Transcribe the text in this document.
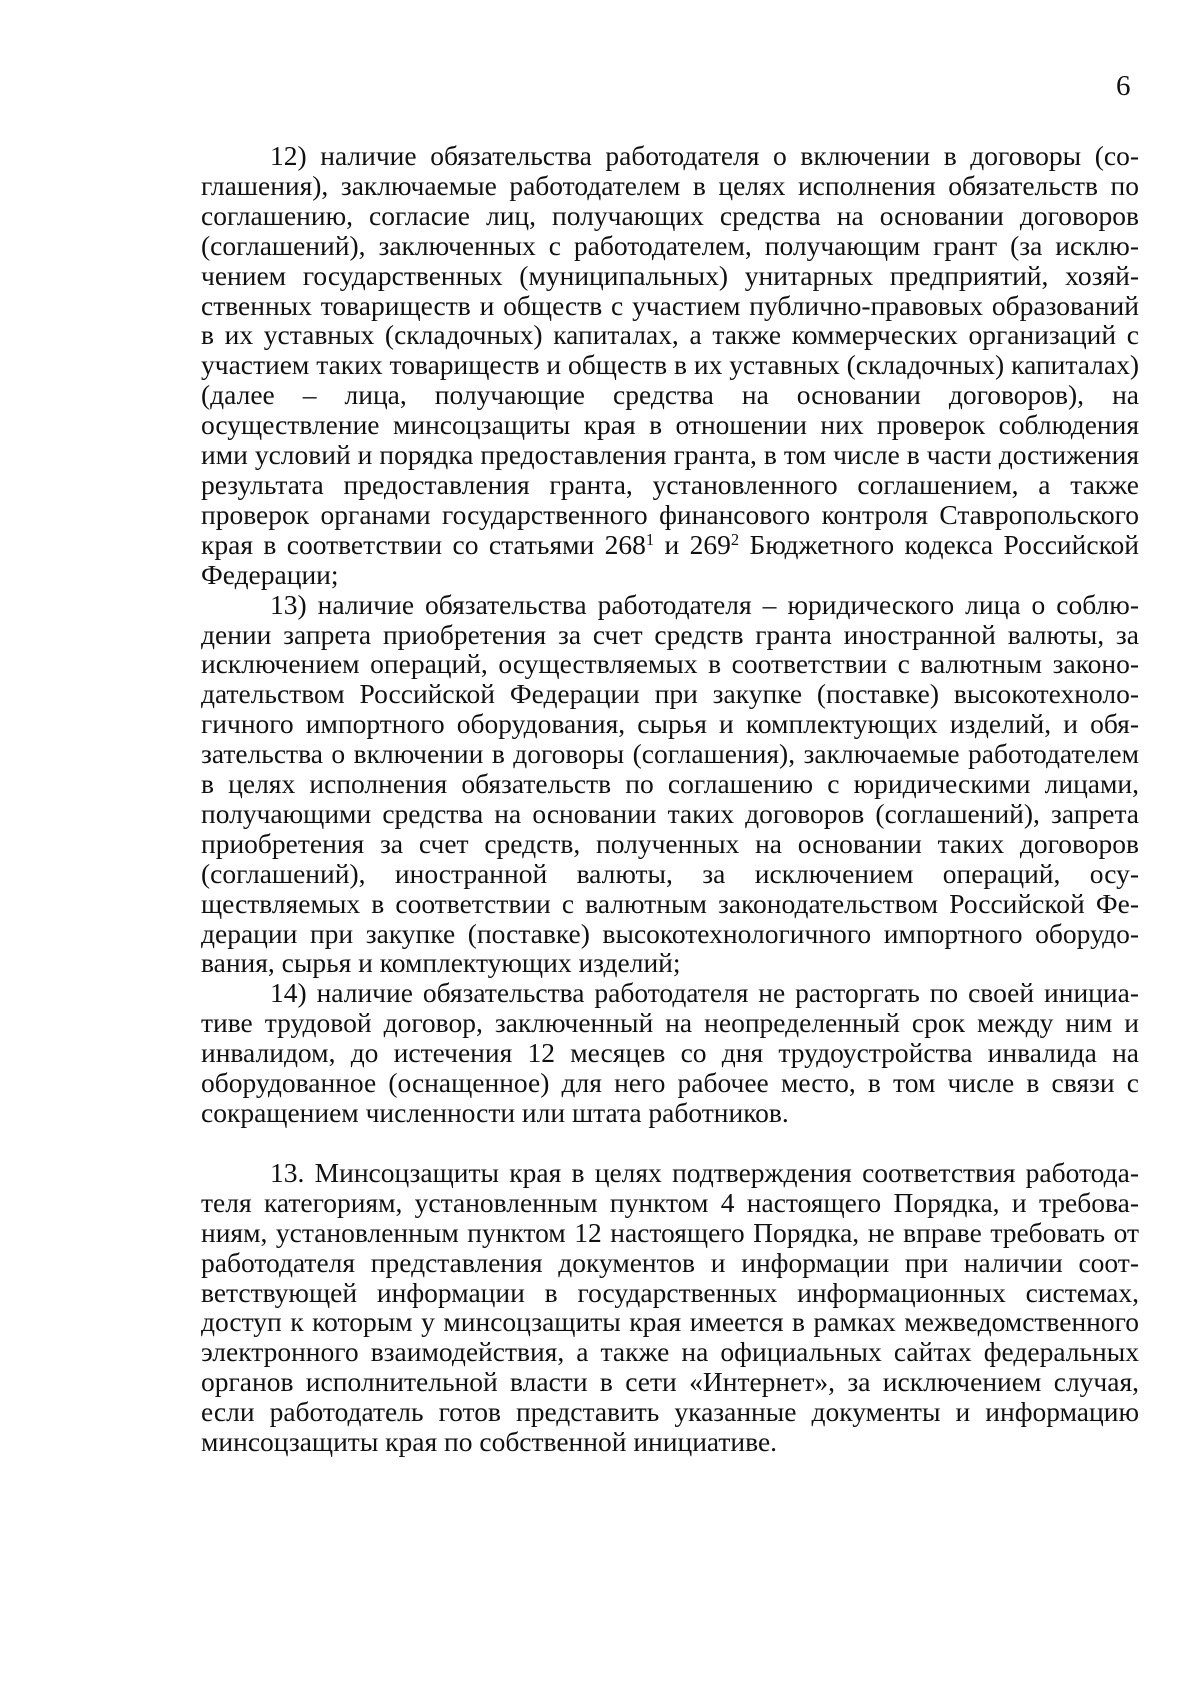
6

12) наличие обязательства работодателя о включении в договоры (соглашения), заключаемые работодателем в целях исполнения обязательств по соглашению, согласие лиц, получающих средства на основании договоров (соглашений), заключенных с работодателем, получающим грант (за исключением государственных (муниципальных) унитарных предприятий, хозяйственных товариществ и обществ с участием публично-правовых образований в их уставных (складочных) капиталах, а также коммерческих организаций с участием таких товариществ и обществ в их уставных (складочных) капиталах) (далее – лица, получающие средства на основании договоров), на осуществление минсоцзащиты края в отношении них проверок соблюдения ими условий и порядка предоставления гранта, в том числе в части достижения результата предоставления гранта, установленного соглашением, а также проверок органами государственного финансового контроля Ставропольского края в соответствии со статьями $268^1$ и $269^2$ Бюджетного кодекса Российской Федерации;

13) наличие обязательства работодателя – юридического лица о соблюдении запрета приобретения за счет средств гранта иностранной валюты, за исключением операций, осуществляемых в соответствии с валютным законодательством Российской Федерации при закупке (поставке) высокотехнологичного импортного оборудования, сырья и комплектующих изделий, и обязательства о включении в договоры (соглашения), заключаемые работодателем в целях исполнения обязательств по соглашению с юридическими лицами, получающими средства на основании таких договоров (соглашений), запрета приобретения за счет средств, полученных на основании таких договоров (соглашений), иностранной валюты, за исключением операций, осуществляемых в соответствии с валютным законодательством Российской Федерации при закупке (поставке) высокотехнологичного импортного оборудования, сырья и комплектующих изделий;

14) наличие обязательства работодателя не расторгать по своей инициативе трудовой договор, заключенный на неопределенный срок между ним и инвалидом, до истечения 12 месяцев со дня трудоустройства инвалида на оборудованное (оснащенное) для него рабочее место, в том числе в связи с сокращением численности или штата работников.

13. Минсоцзащиты края в целях подтверждения соответствия работодателя категориям, установленным пунктом 4 настоящего Порядка, и требованиям, установленным пунктом 12 настоящего Порядка, не вправе требовать от работодателя представления документов и информации при наличии соответствующей информации в государственных информационных системах, доступ к которым у минсоцзащиты края имеется в рамках межведомственного электронного взаимодействия, а также на официальных сайтах федеральных органов исполнительной власти в сети «Интернет», за исключением случая, если работодатель готов представить указанные документы и информацию минсоцзащиты края по собственной инициативе.
